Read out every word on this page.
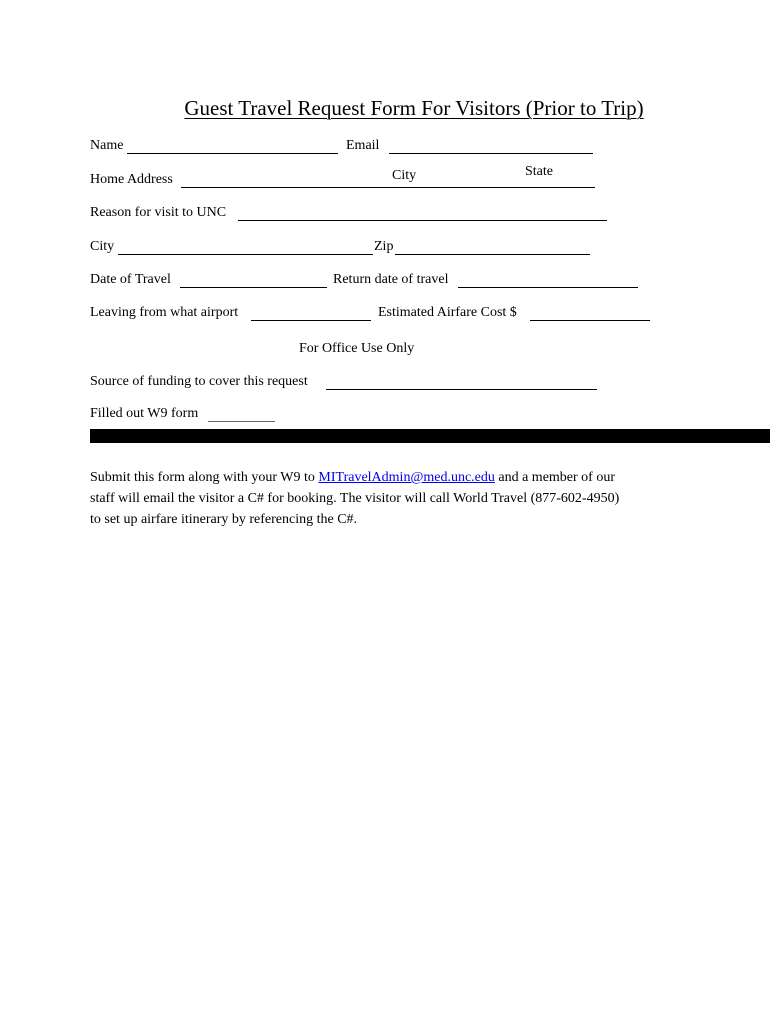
Guest Travel Request Form For Visitors (Prior to Trip)
Name	Email
Home Address	City	State
Reason for visit to UNC
City	Zip
Date of Travel	Return date of travel
Leaving from what airport	Estimated Airfare Cost $
For Office Use Only
Source of funding to cover this request
Filled out W9 form

Submit this form along with your W9 to MITravelAdmin@med.unc.edu and a member of our

staff will email the visitor a C# for booking. The visitor will call World Travel (877-602-4950)

to set up airfare itinerary by referencing the C#.
